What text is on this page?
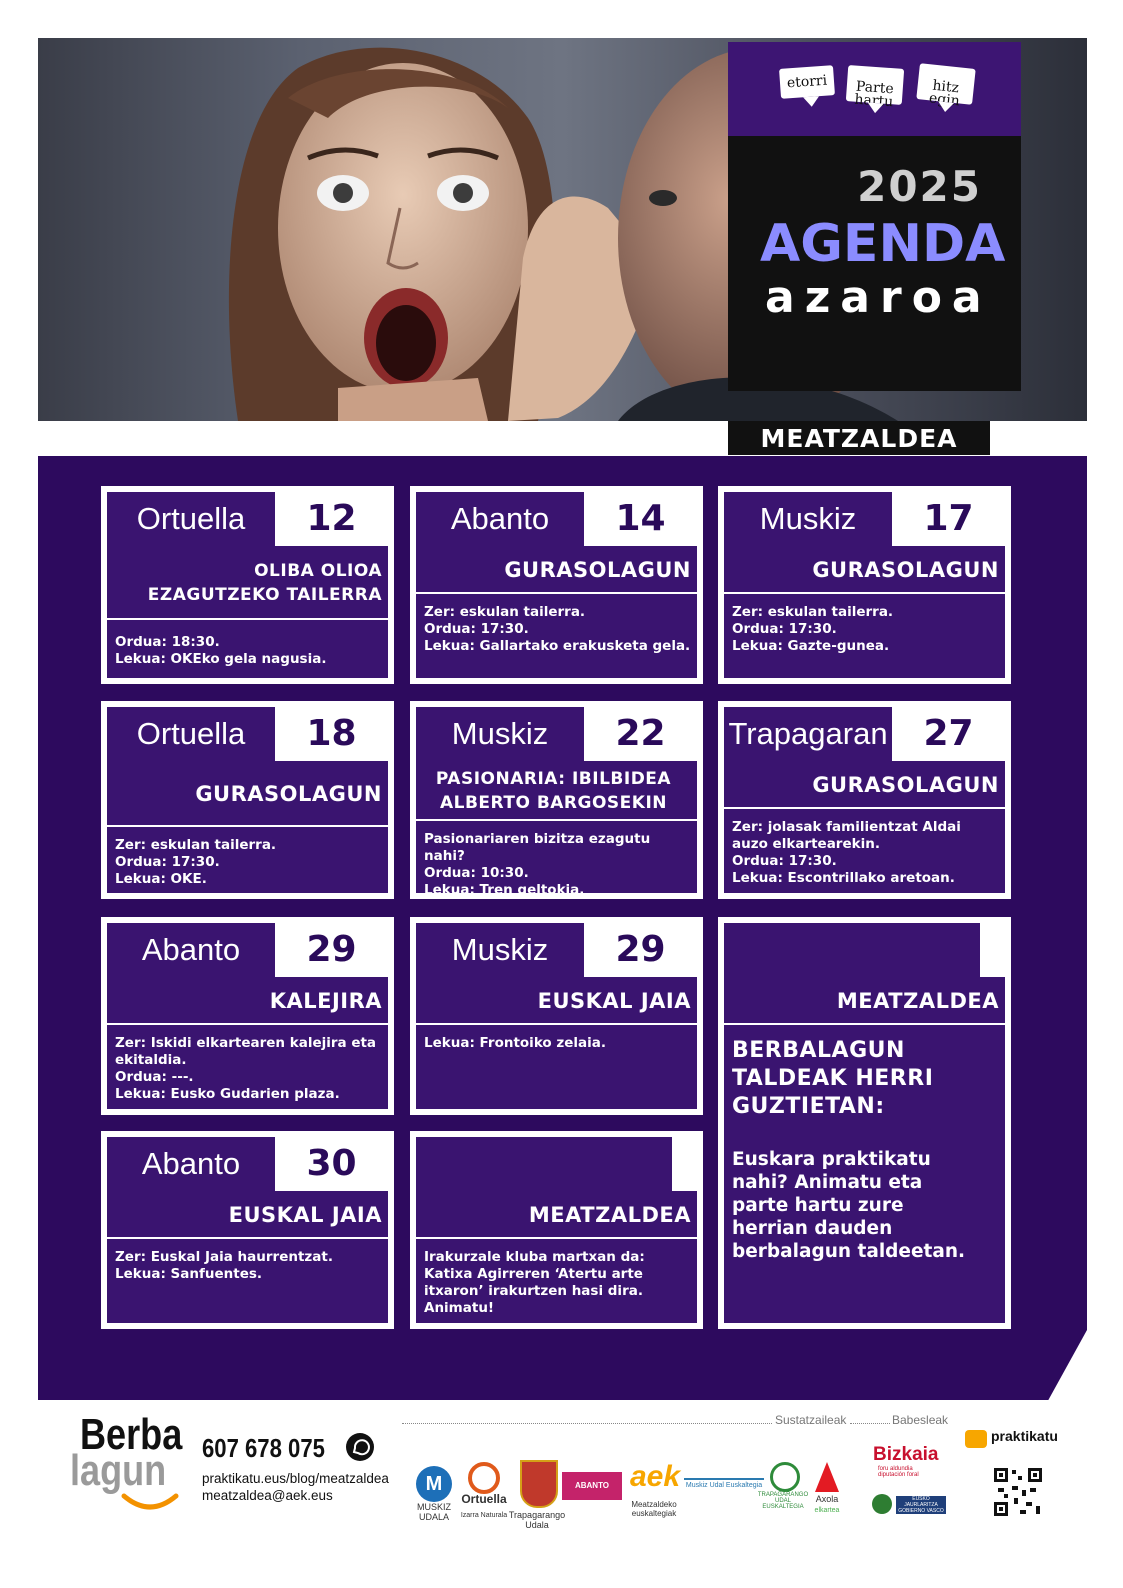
etorri	Parte
hartu

hitz
egin
2025
AGENDA
azaroa
MEATZALDEA
Ortuella	12
OLIBA OLIOA
EZAGUTZEKO TAILERRA
Ordua: 18:30.
Lekua: OKEko gela nagusia.
Abanto	14
GURASOLAGUN
Zer: eskulan tailerra.
Ordua: 17:30.
Lekua: Gallartako erakusketa gela.
Muskiz	17
GURASOLAGUN
Zer: eskulan tailerra.
Ordua: 17:30.
Lekua: Gazte-gunea.
Ortuella	18
GURASOLAGUN
Zer: eskulan tailerra.
Ordua: 17:30.
Lekua: OKE.
Muskiz	22
PASIONARIA: IBILBIDEA
ALBERTO BARGOSEKIN
Pasionariaren bizitza ezagutu nahi?
Ordua: 10:30.
Lekua: Tren geltokia.
Trapagaran 27
GURASOLAGUN
Zer: jolasak familientzat Aldai auzo elkartearekin.
Ordua: 17:30.
Lekua: Escontrillako aretoan.
Abanto	29
KALEJIRA
Zer: Iskidi elkartearen kalejira eta ekitaldia.
Ordua: ---.
Lekua: Eusko Gudarien plaza.
Muskiz	29
EUSKAL JAIA
Lekua: Frontoiko zelaia.
MEATZALDEA
BERBALAGUN
TALDEAK HERRI
GUZTIETAN:
Euskara praktikatu
nahi? Animatu eta
parte hartu zure
herrian dauden
berbalagun taldeetan.
Abanto	30
EUSKAL JAIA
Zer: Euskal Jaia haurrentzat.
Lekua: Sanfuentes.
MEATZALDEA
Irakurzale kluba martxan da: Katixa Agirreren ‘Atertu arte itxaron’ irakurtzen hasi dira. Animatu!
Berba
lagun 607 678 075
praktikatu.eus/blog/meatzaldea
meatzaldea@aek.eus
Sustatzaileak	Babesleak
praktikatu
M
MUSKIZ
UDALA
Ortuella
Izarra Naturala Trapagarango
Udala
ABANTO ZIERBENA
aek
Meatzaldeko euskaltegiak
Muskiz Udal Euskaltegia
TRAPAGARANGO
UDAL EUSKALTEGIA
Axola
elkartea
Bizkaia
foru aldundia
diputación foral
EUSKO JAURLARITZA
GOBIERNO VASCO
